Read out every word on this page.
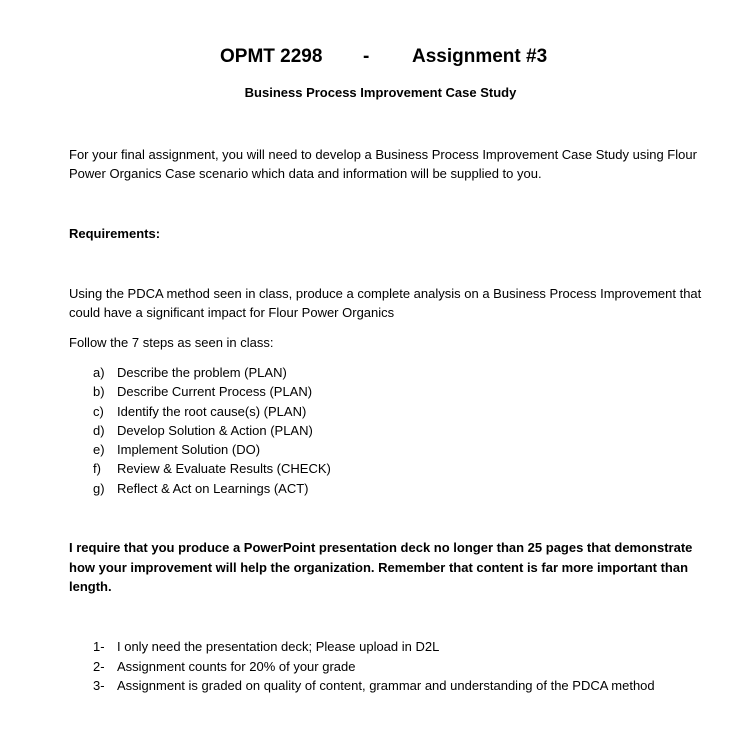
OPMT 2298 - Assignment #3
Business Process Improvement Case Study
For your final assignment, you will need to develop a Business Process Improvement Case Study using Flour Power Organics Case scenario which data and information will be supplied to you.
Requirements:
Using the PDCA method seen in class, produce a complete analysis on a Business Process Improvement that could have a significant impact for Flour Power Organics
Follow the 7 steps as seen in class:
a) Describe the problem (PLAN)
b) Describe Current Process (PLAN)
c) Identify the root cause(s) (PLAN)
d) Develop Solution & Action (PLAN)
e) Implement Solution (DO)
f) Review & Evaluate Results (CHECK)
g) Reflect & Act on Learnings (ACT)
I require that you produce a PowerPoint presentation deck no longer than 25 pages that demonstrate how your improvement will help the organization. Remember that content is far more important than length.
1- I only need the presentation deck; Please upload in D2L
2- Assignment counts for 20% of your grade
3- Assignment is graded on quality of content, grammar and understanding of the PDCA method
